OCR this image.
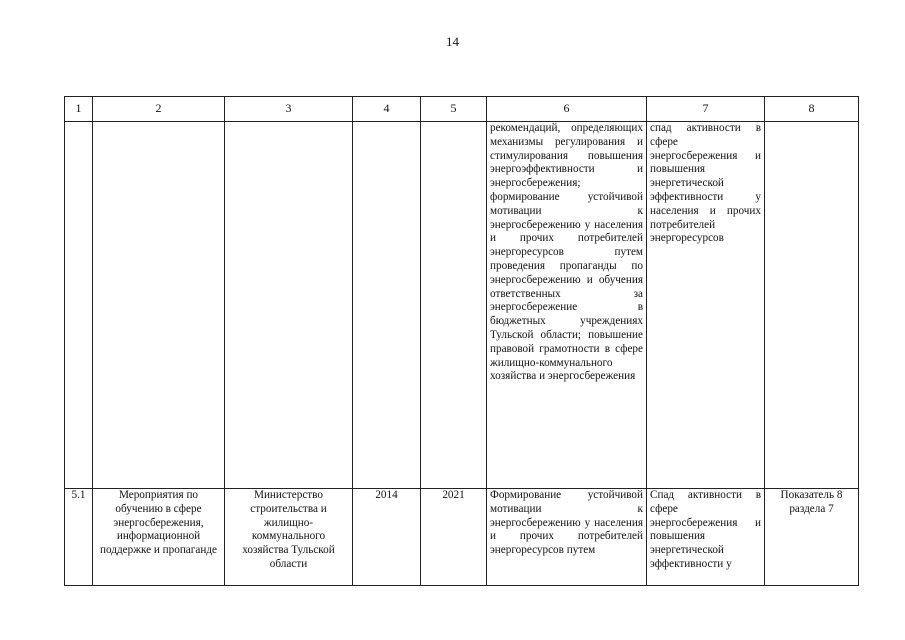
14
1	2	3	4	5	6	7	8
					рекомендаций, определяющих механизмы регулирования и стимулирования повышения энергоэффективности и энергосбережения; формирование устойчивой мотивации к энергосбережению у населения и прочих потребителей энергоресурсов путем проведения пропаганды по энергосбережению и обучения ответственных за энергосбережение в бюджетных учреждениях Тульской области; повышение правовой грамотности в сфере жилищно-коммунального хозяйства и энергосбережения	спад активности в сфере энергосбережения и повышения энергетической эффективности у населения и прочих потребителей энергоресурсов	
5.1	Мероприятия по обучению в сфере энергосбережения, информационной поддержке и пропаганде	Министерство строительства и жилищно-коммунального хозяйства Тульской области	2014	2021	Формирование устойчивой мотивации к энергосбережению у населения и прочих потребителей энергоресурсов путем	Спад активности в сфере энергосбережения и повышения энергетической эффективности у	Показатель 8 раздела 7
